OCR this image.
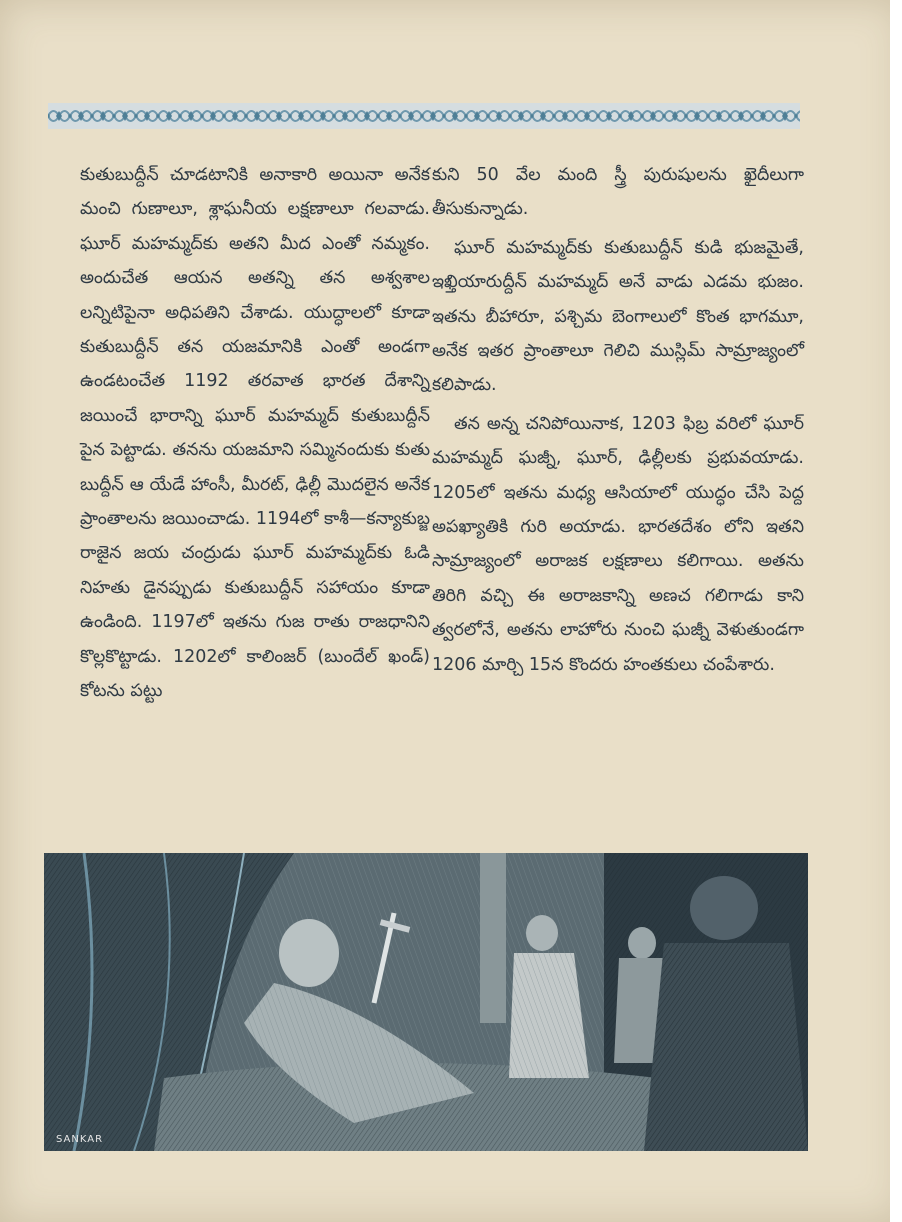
కుతుబుద్దీన్ చూడటానికి అనాకారి అయినా అనేక మంచి గుణాలూ, శ్లాఘనీయ లక్షణాలూ గలవాడు. ఘూర్ మహమ్మద్‌కు అతని మీద ఎంతో నమ్మకం. అందుచేత ఆయన అతన్ని తన అశ్వశాల లన్నిటిపైనా అధిపతిని చేశాడు. యుద్ధాలలో కూడా కుతుబుద్దీన్ తన యజమానికి ఎంతో అండగా ఉండటంచేత 1192 తరవాత భారత దేశాన్ని జయించే భారాన్ని ఘూర్ మహమ్మద్ కుతుబుద్దీన్ పైన పెట్టాడు. తనను యజమాని సమ్మినందుకు కుతు బుద్దీన్ ఆ యేడే హాంసీ, మీరట్, ఢిల్లీ మొదలైన అనేక ప్రాంతాలను జయించాడు. 1194లో కాశీ—కన్యాకుబ్జ రాజైన జయ చంద్రుడు ఘూర్ మహమ్మద్‌కు ఓడి నిహతు డైనప్పుడు కుతుబుద్దీన్ సహాయం కూడా ఉండింది. 1197లో ఇతను గుజ రాతు రాజధానిని కొల్లకొట్టాడు. 1202లో కాలింజర్ (బుందేల్ ఖండ్) కోటను పట్టు

కుని 50 వేల మంది స్త్రీ పురుషులను ఖైదీలుగా తీసుకున్నాడు.

ఘూర్ మహమ్మద్‌కు కుతుబుద్దీన్ కుడి భుజమైతే, ఇఖ్తియారుద్దీన్ మహమ్మద్ అనే వాడు ఎడమ భుజం. ఇతను బీహారూ, పశ్చిమ బెంగాలులో కొంత భాగమూ, అనేక ఇతర ప్రాంతాలూ గెలిచి ముస్లిమ్ సామ్రాజ్యంలో కలిపాడు.

తన అన్న చనిపోయినాక, 1203 ఫిబ్ర వరిలో ఘూర్ మహమ్మద్ ఘజ్నీ, ఘూర్, ఢిల్లీలకు ప్రభువయాడు. 1205లో ఇతను మధ్య ఆసియాలో యుద్ధం చేసి పెద్ద అపఖ్యాతికి గురి అయాడు. భారతదేశం లోని ఇతని సామ్రాజ్యంలో అరాజక లక్షణాలు కలిగాయి. అతను తిరిగి వచ్చి ఈ అరాజకాన్ని అణచ గలిగాడు కాని త్వరలోనే, అతను లాహోరు నుంచి ఘజ్నీ వెళుతుండగా 1206 మార్చి 15న కొందరు హంతకులు చంపేశారు.

SANKAR
